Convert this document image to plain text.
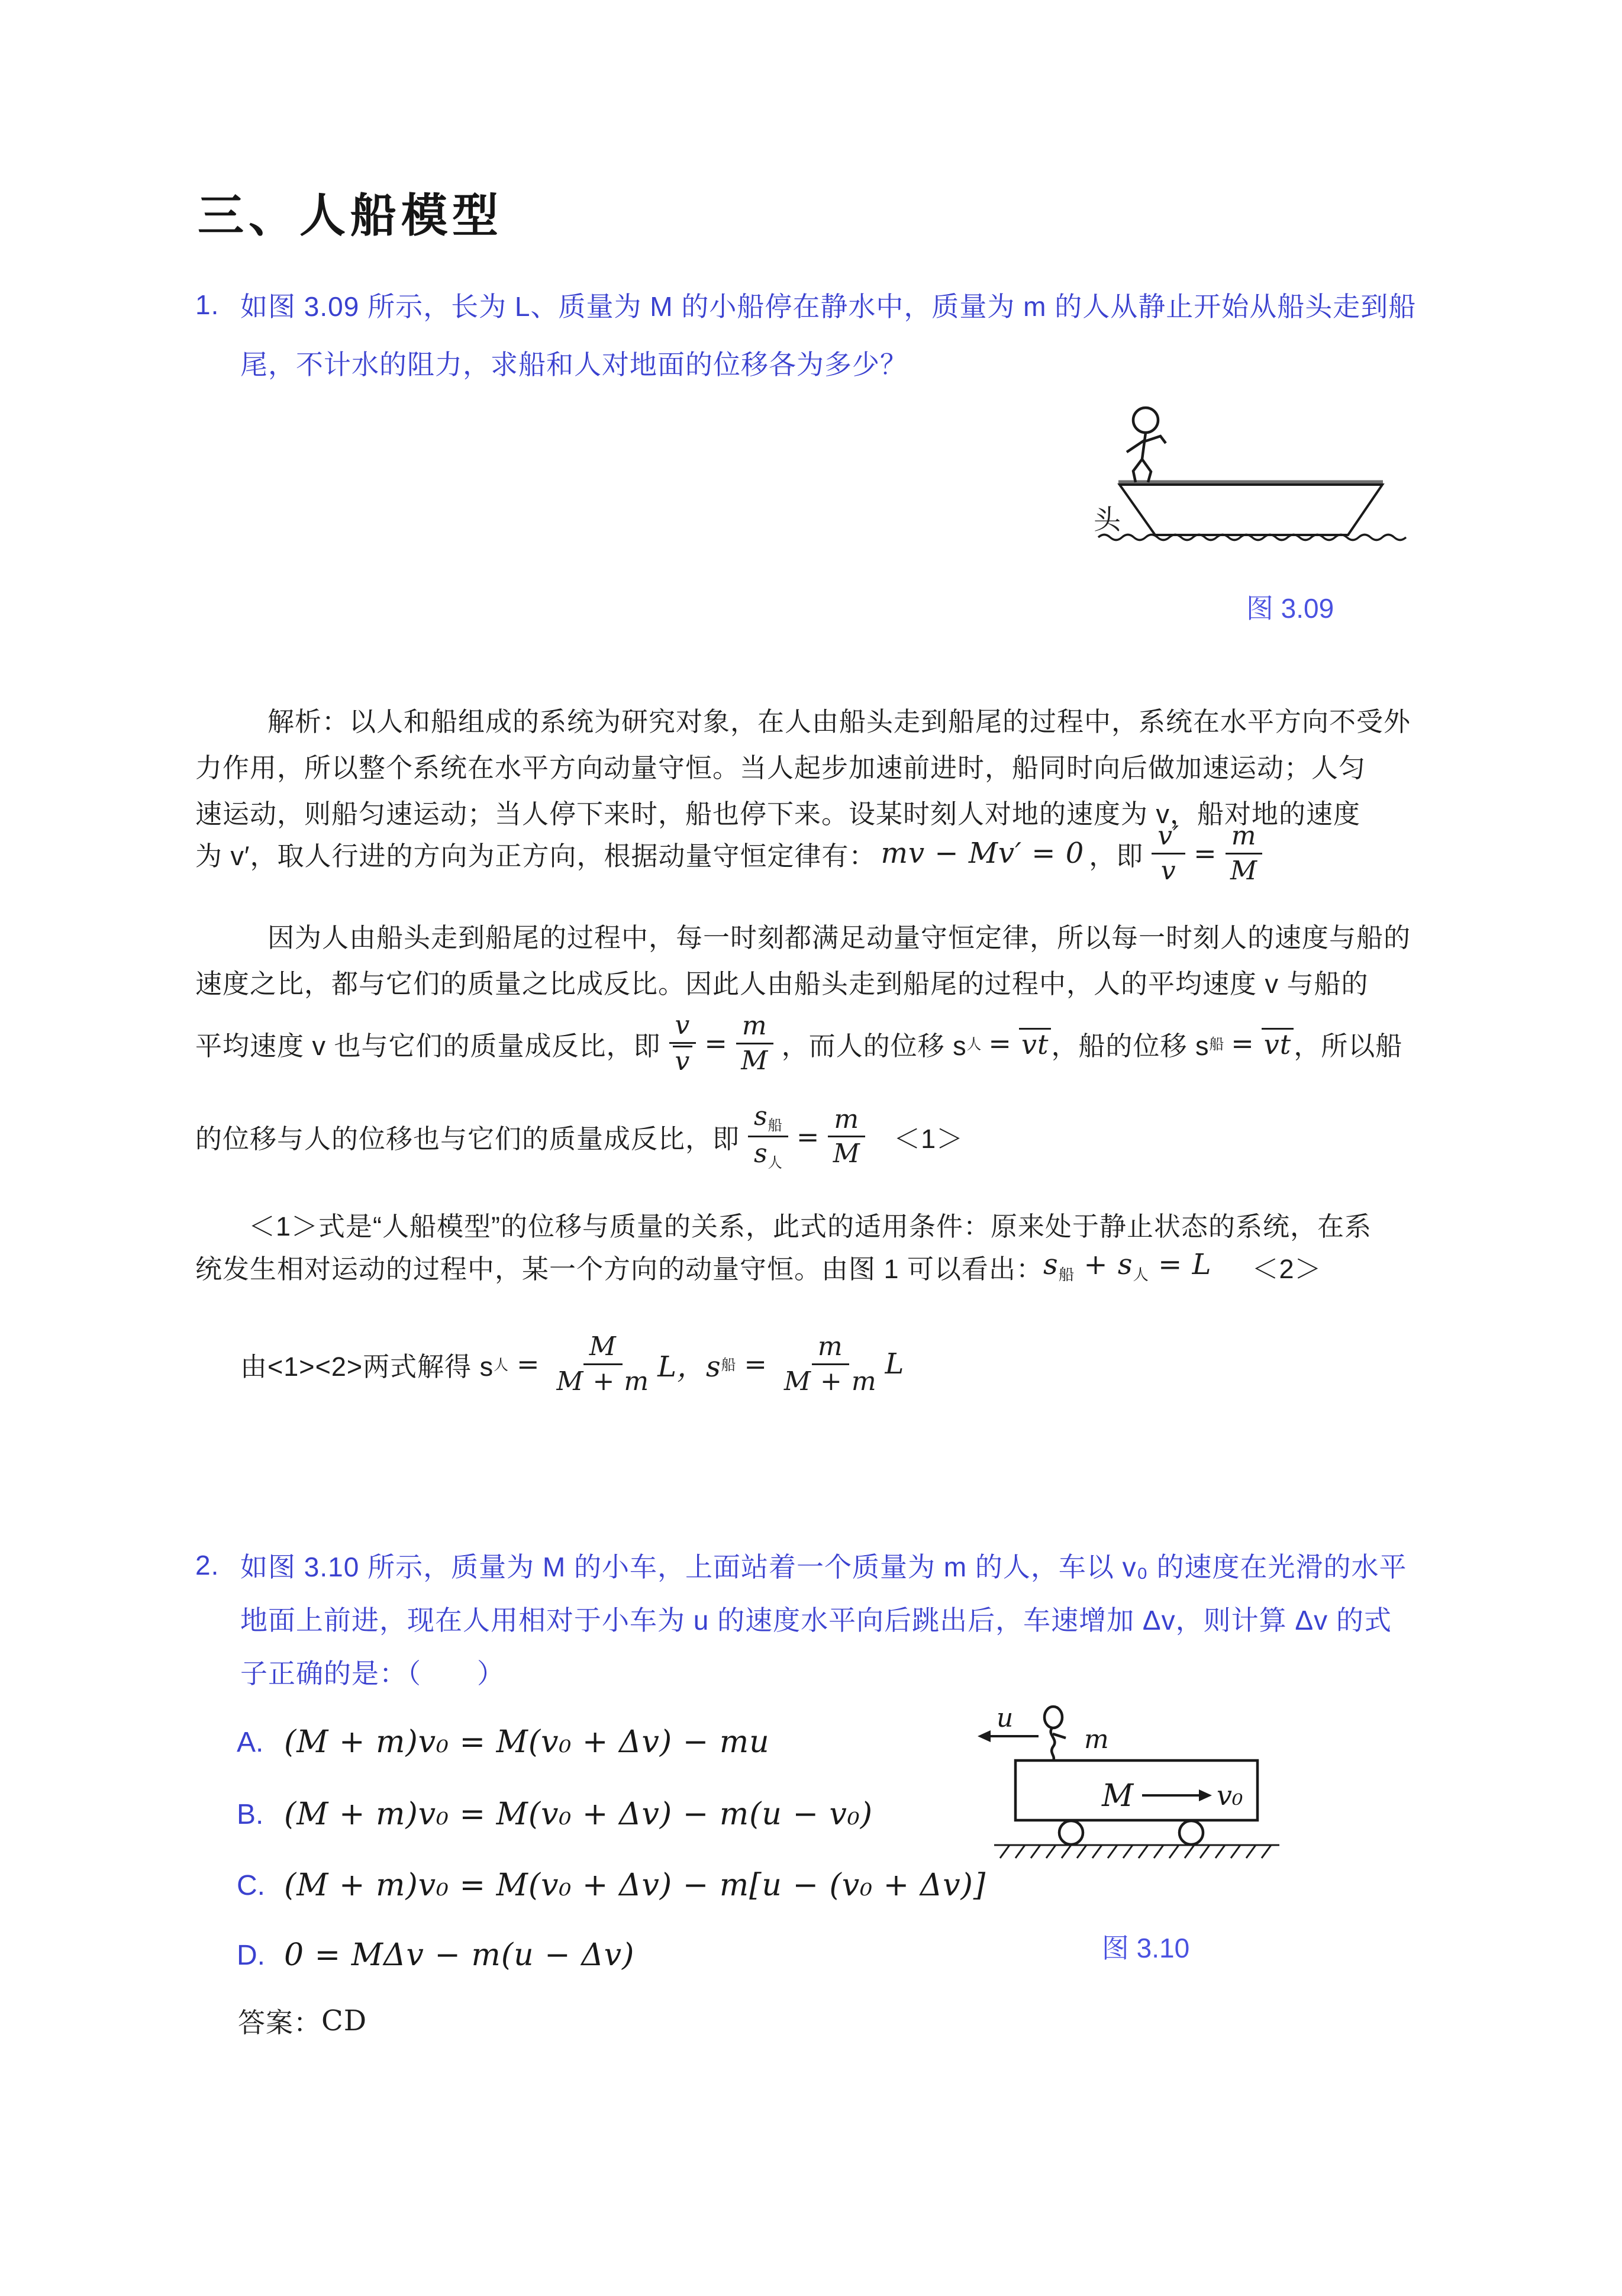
三、人船模型
1. 如图 3.09 所示，长为 L、质量为 M 的小船停在静水中，质量为 m 的人从静止开始从船头走到船
尾，不计水的阻力，求船和人对地面的位移各为多少？
头
图 3.09
解析：以人和船组成的系统为研究对象，在人由船头走到船尾的过程中，系统在水平方向不受外
力作用，所以整个系统在水平方向动量守恒。当人起步加速前进时，船同时向后做加速运动；人匀
速运动，则船匀速运动；当人停下来时，船也停下来。设某时刻人对地的速度为 v，船对地的速度
为 v′，取人行进的方向为正方向，根据动量守恒定律有： mv − Mv′ = 0 ，即 $\frac{v'}{v} = \frac{m}{M}$
因为人由船头走到船尾的过程中，每一时刻都满足动量守恒定律，所以每一时刻人的速度与船的
速度之比，都与它们的质量之比成反比。因此人由船头走到船尾的过程中，人的平均速度 v 与船的
平均速度 v 也与它们的质量成反比，即 $\frac{v}{v} = \frac{m}{M}$ ，而人的位移 s 人 = vt ，船的位移 s 船 = vt ，所以船
的位移与人的位移也与它们的质量成反比，即 $\frac{s_船}{s_人} = \frac{m}{M} <1>$
＜1＞式是“人船模型”的位移与质量的关系，此式的适用条件：原来处于静止状态的系统，在系
统发生相对运动的过程中，某一个方向的动量守恒。由图 1 可以看出： $s_船 + s_人 = L <2>$
由<1><2>两式解得 s 人 = $\frac{M}{M + m}$ L，s 船 = $\frac{m}{M + m}$ L
2. 如图 3.10 所示，质量为 M 的小车，上面站着一个质量为 m 的人，车以 v₀ 的速度在光滑的水平
地面上前进，现在人用相对于小车为 u 的速度水平向后跳出后，车速增加 Δv，则计算 Δv 的式
子正确的是：（　　）
u
m
M	v₀
图 3.10
A. (M + m)v₀ = M(v₀ + Δv) − mu
B. (M + m)v₀ = M(v₀ + Δv) − m(u − v₀)
C. (M + m)v₀ = M(v₀ + Δv) − m[u − (v₀ + Δv)]
D. 0 = MΔv − m(u − Δv)
答案： CD
